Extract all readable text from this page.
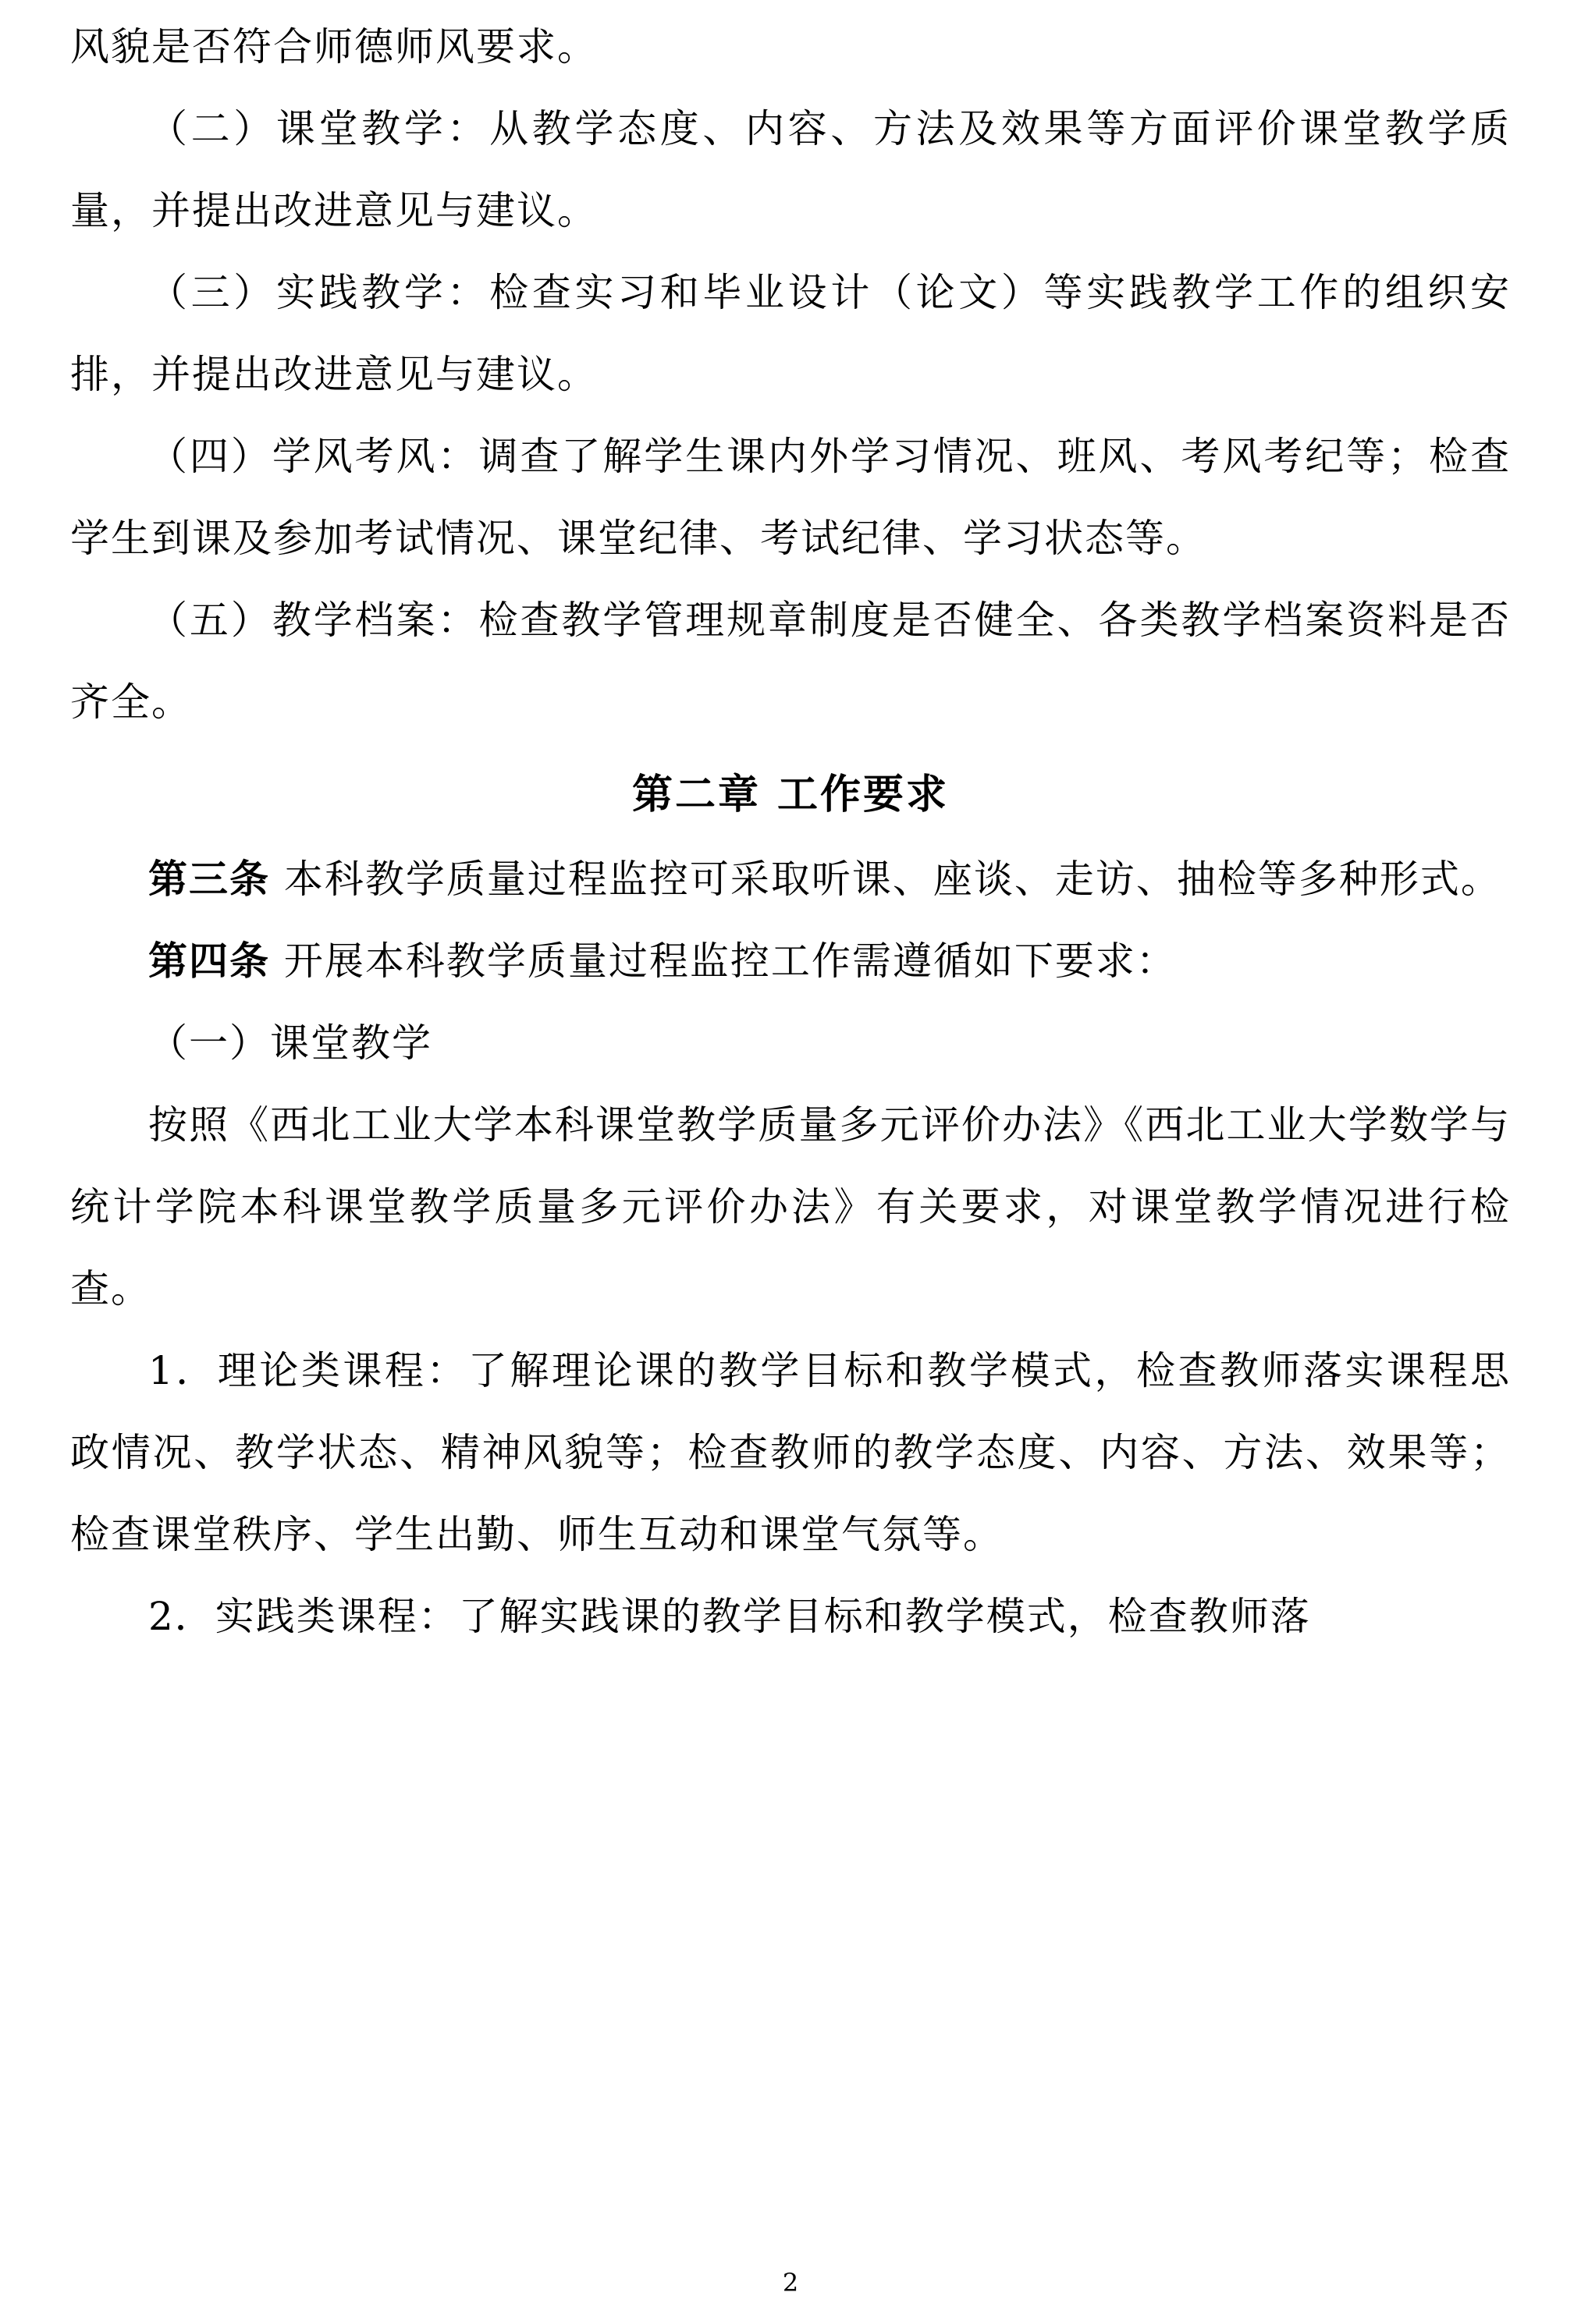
风貌是否符合师德师风要求。

（二）课堂教学：从教学态度、内容、方法及效果等方面评价课堂教学质量，并提出改进意见与建议。

（三）实践教学：检查实习和毕业设计（论文）等实践教学工作的组织安排，并提出改进意见与建议。

（四）学风考风：调查了解学生课内外学习情况、班风、考风考纪等；检查学生到课及参加考试情况、课堂纪律、考试纪律、学习状态等。

（五）教学档案：检查教学管理规章制度是否健全、各类教学档案资料是否齐全。

第二章 工作要求

第三条 本科教学质量过程监控可采取听课、座谈、走访、抽检等多种形式。

第四条 开展本科教学质量过程监控工作需遵循如下要求：

（一）课堂教学

按照《西北工业大学本科课堂教学质量多元评价办法》《西北工业大学数学与统计学院本科课堂教学质量多元评价办法》有关要求，对课堂教学情况进行检查。

1．理论类课程：了解理论课的教学目标和教学模式，检查教师落实课程思政情况、教学状态、精神风貌等；检查教师的教学态度、内容、方法、效果等；检查课堂秩序、学生出勤、师生互动和课堂气氛等。

2．实践类课程：了解实践课的教学目标和教学模式，检查教师落

2
